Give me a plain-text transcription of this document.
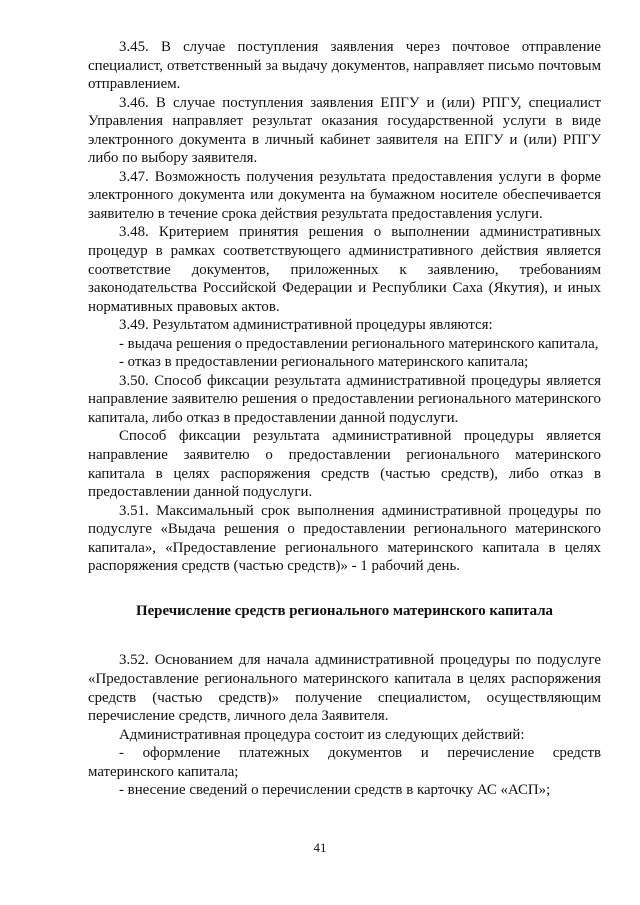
3.45. В случае поступления заявления через почтовое отправление специалист, ответственный за выдачу документов, направляет письмо почтовым отправлением.

3.46. В случае поступления заявления ЕПГУ и (или) РПГУ, специалист Управления направляет результат оказания государственной услуги в виде электронного документа в личный кабинет заявителя на ЕПГУ и (или) РПГУ либо по выбору заявителя.

3.47. Возможность получения результата предоставления услуги в форме электронного документа или документа на бумажном носителе обеспечивается заявителю в течение срока действия результата предоставления услуги.

3.48. Критерием принятия решения о выполнении административных процедур в рамках соответствующего административного действия является соответствие документов, приложенных к заявлению, требованиям законодательства Российской Федерации и Республики Саха (Якутия), и иных нормативных правовых актов.

3.49. Результатом административной процедуры являются:

- выдача решения о предоставлении регионального материнского капитала,

- отказ в предоставлении регионального материнского капитала;

3.50. Способ фиксации результата административной процедуры является направление заявителю решения о предоставлении регионального материнского капитала, либо отказ в предоставлении данной подуслуги.

Способ фиксации результата административной процедуры является направление заявителю о предоставлении регионального материнского капитала в целях распоряжения средств (частью средств), либо отказ в предоставлении данной подуслуги.

3.51. Максимальный срок выполнения административной процедуры по подуслуге «Выдача решения о предоставлении регионального материнского капитала», «Предоставление регионального материнского капитала в целях распоряжения средств (частью средств)» - 1 рабочий день.

Перечисление средств регионального материнского капитала

3.52. Основанием для начала административной процедуры по подуслуге «Предоставление регионального материнского капитала в целях распоряжения средств (частью средств)» получение специалистом, осуществляющим перечисление средств, личного дела Заявителя.

Административная процедура состоит из следующих действий:

- оформление платежных документов и перечисление средств материнского капитала;

- внесение сведений о перечислении средств в карточку АС «АСП»;

41
